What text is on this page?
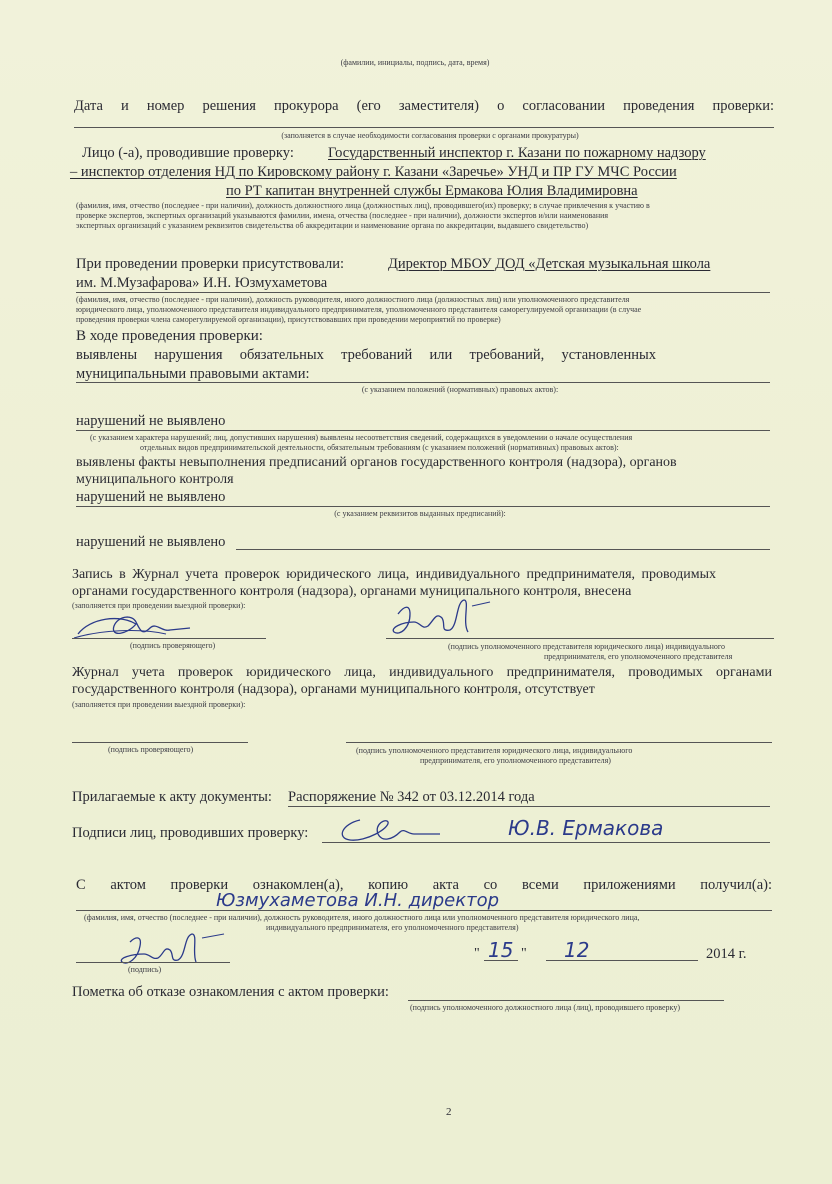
(фамилии, инициалы, подпись, дата, время)
Дата и номер решения прокурора (его заместителя) о согласовании проведения проверки:
(заполняется в случае необходимости согласования проверки с органами прокуратуры)
Лицо (-а), проводившие проверку: Государственный инспектор г. Казани по пожарному надзору
– инспектор отделения НД по Кировскому району г. Казани «Заречье» УНД и ПР ГУ МЧС России
по РТ капитан внутренней службы Ермакова Юлия Владимировна
(фамилия, имя, отчество (последнее - при наличии), должность должностного лица (должностных лиц), проводившего(их) проверку; в случае привлечения к участию в
проверке экспертов, экспертных организаций указываются фамилии, имена, отчества (последнее - при наличии), должности экспертов и/или наименования
экспертных организаций с указанием реквизитов свидетельства об аккредитации и наименование органа по аккредитации, выдавшего свидетельство)
При проведении проверки присутствовали:	Директор МБОУ ДОД «Детская музыкальная школа
им. М.Музафарова» И.Н. Юзмухаметова
(фамилия, имя, отчество (последнее - при наличии), должность руководителя, иного должностного лица (должностных лиц) или уполномоченного представителя
юридического лица, уполномоченного представителя индивидуального предпринимателя, уполномоченного представителя саморегулируемой организации (в случае
проведения проверки члена саморегулируемой организации), присутствовавших при проведении мероприятий по проверке)
В ходе проведения проверки:
выявлены нарушения обязательных требований или требований, установленных
муниципальными правовыми актами:
(с указанием положений (нормативных) правовых актов):
нарушений не выявлено
(с указанием характера нарушений; лиц, допустивших нарушения) выявлены несоответствия сведений, содержащихся в уведомлении о начале осуществления
отдельных видов предпринимательской деятельности, обязательным требованиям (с указанием положений (нормативных) правовых актов):
выявлены факты невыполнения предписаний органов государственного контроля (надзора), органов
муниципального контроля
нарушений не выявлено
(с указанием реквизитов выданных предписаний):
нарушений не выявлено
Запись в Журнал учета проверок юридического лица, индивидуального предпринимателя, проводимых
органами государственного контроля (надзора), органами муниципального контроля, внесена
(заполняется при проведении выездной проверки):
(подпись проверяющего)	(подпись уполномоченного представителя юридического лица) индивидуального
предпринимателя, его уполномоченного представителя
Журнал учета проверок юридического лица, индивидуального предпринимателя, проводимых органами
государственного контроля (надзора), органами муниципального контроля, отсутствует
(заполняется при проведении выездной проверки):
(подпись проверяющего)	(подпись уполномоченного представителя юридического лица, индивидуального
предпринимателя, его уполномоченного представителя)
Прилагаемые к акту документы: Распоряжение № 342 от 03.12.2014 года
Подписи лиц, проводивших проверку:	Ю.В. Ермакова
С актом проверки ознакомлен(а), копию акта со всеми приложениями получил(а):
Юзмухаметова И.Н. директор
(фамилия, имя, отчество (последнее - при наличии), должность руководителя, иного должностного лица или уполномоченного представителя юридического лица,
индивидуального предпринимателя, его уполномоченного представителя)
(подпись)
" 15 " 12	2014 г.
Пометка об отказе ознакомления с актом проверки:
(подпись уполномоченного должностного лица (лиц), проводившего проверку)
2
